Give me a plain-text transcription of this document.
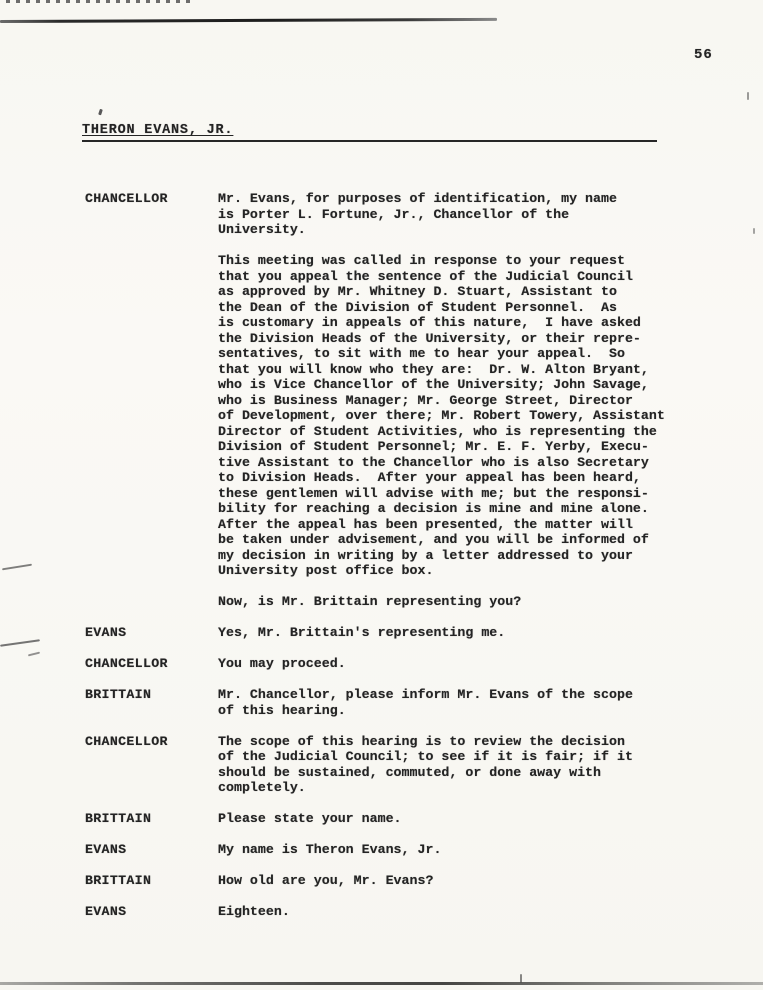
56
THERON EVANS, JR.
CHANCELLOR	Mr. Evans, for purposes of identification, my name
is Porter L. Fortune, Jr., Chancellor of the
University.

This meeting was called in response to your request
that you appeal the sentence of the Judicial Council
as approved by Mr. Whitney D. Stuart, Assistant to
the Dean of the Division of Student Personnel.  As
is customary in appeals of this nature,  I have asked
the Division Heads of the University, or their repre-
sentatives, to sit with me to hear your appeal.  So
that you will know who they are:  Dr. W. Alton Bryant,
who is Vice Chancellor of the University; John Savage,
who is Business Manager; Mr. George Street, Director
of Development, over there; Mr. Robert Towery, Assistant
Director of Student Activities, who is representing the
Division of Student Personnel; Mr. E. F. Yerby, Execu-
tive Assistant to the Chancellor who is also Secretary
to Division Heads.  After your appeal has been heard,
these gentlemen will advise with me; but the responsi-
bility for reaching a decision is mine and mine alone.
After the appeal has been presented, the matter will
be taken under advisement, and you will be informed of
my decision in writing by a letter addressed to your
University post office box.

Now, is Mr. Brittain representing you?

EVANS	Yes, Mr. Brittain's representing me.

CHANCELLOR	You may proceed.

BRITTAIN	Mr. Chancellor, please inform Mr. Evans of the scope
of this hearing.

CHANCELLOR	The scope of this hearing is to review the decision
of the Judicial Council; to see if it is fair; if it
should be sustained, commuted, or done away with
completely.

BRITTAIN	Please state your name.

EVANS	My name is Theron Evans, Jr.

BRITTAIN	How old are you, Mr. Evans?

EVANS	Eighteen.
